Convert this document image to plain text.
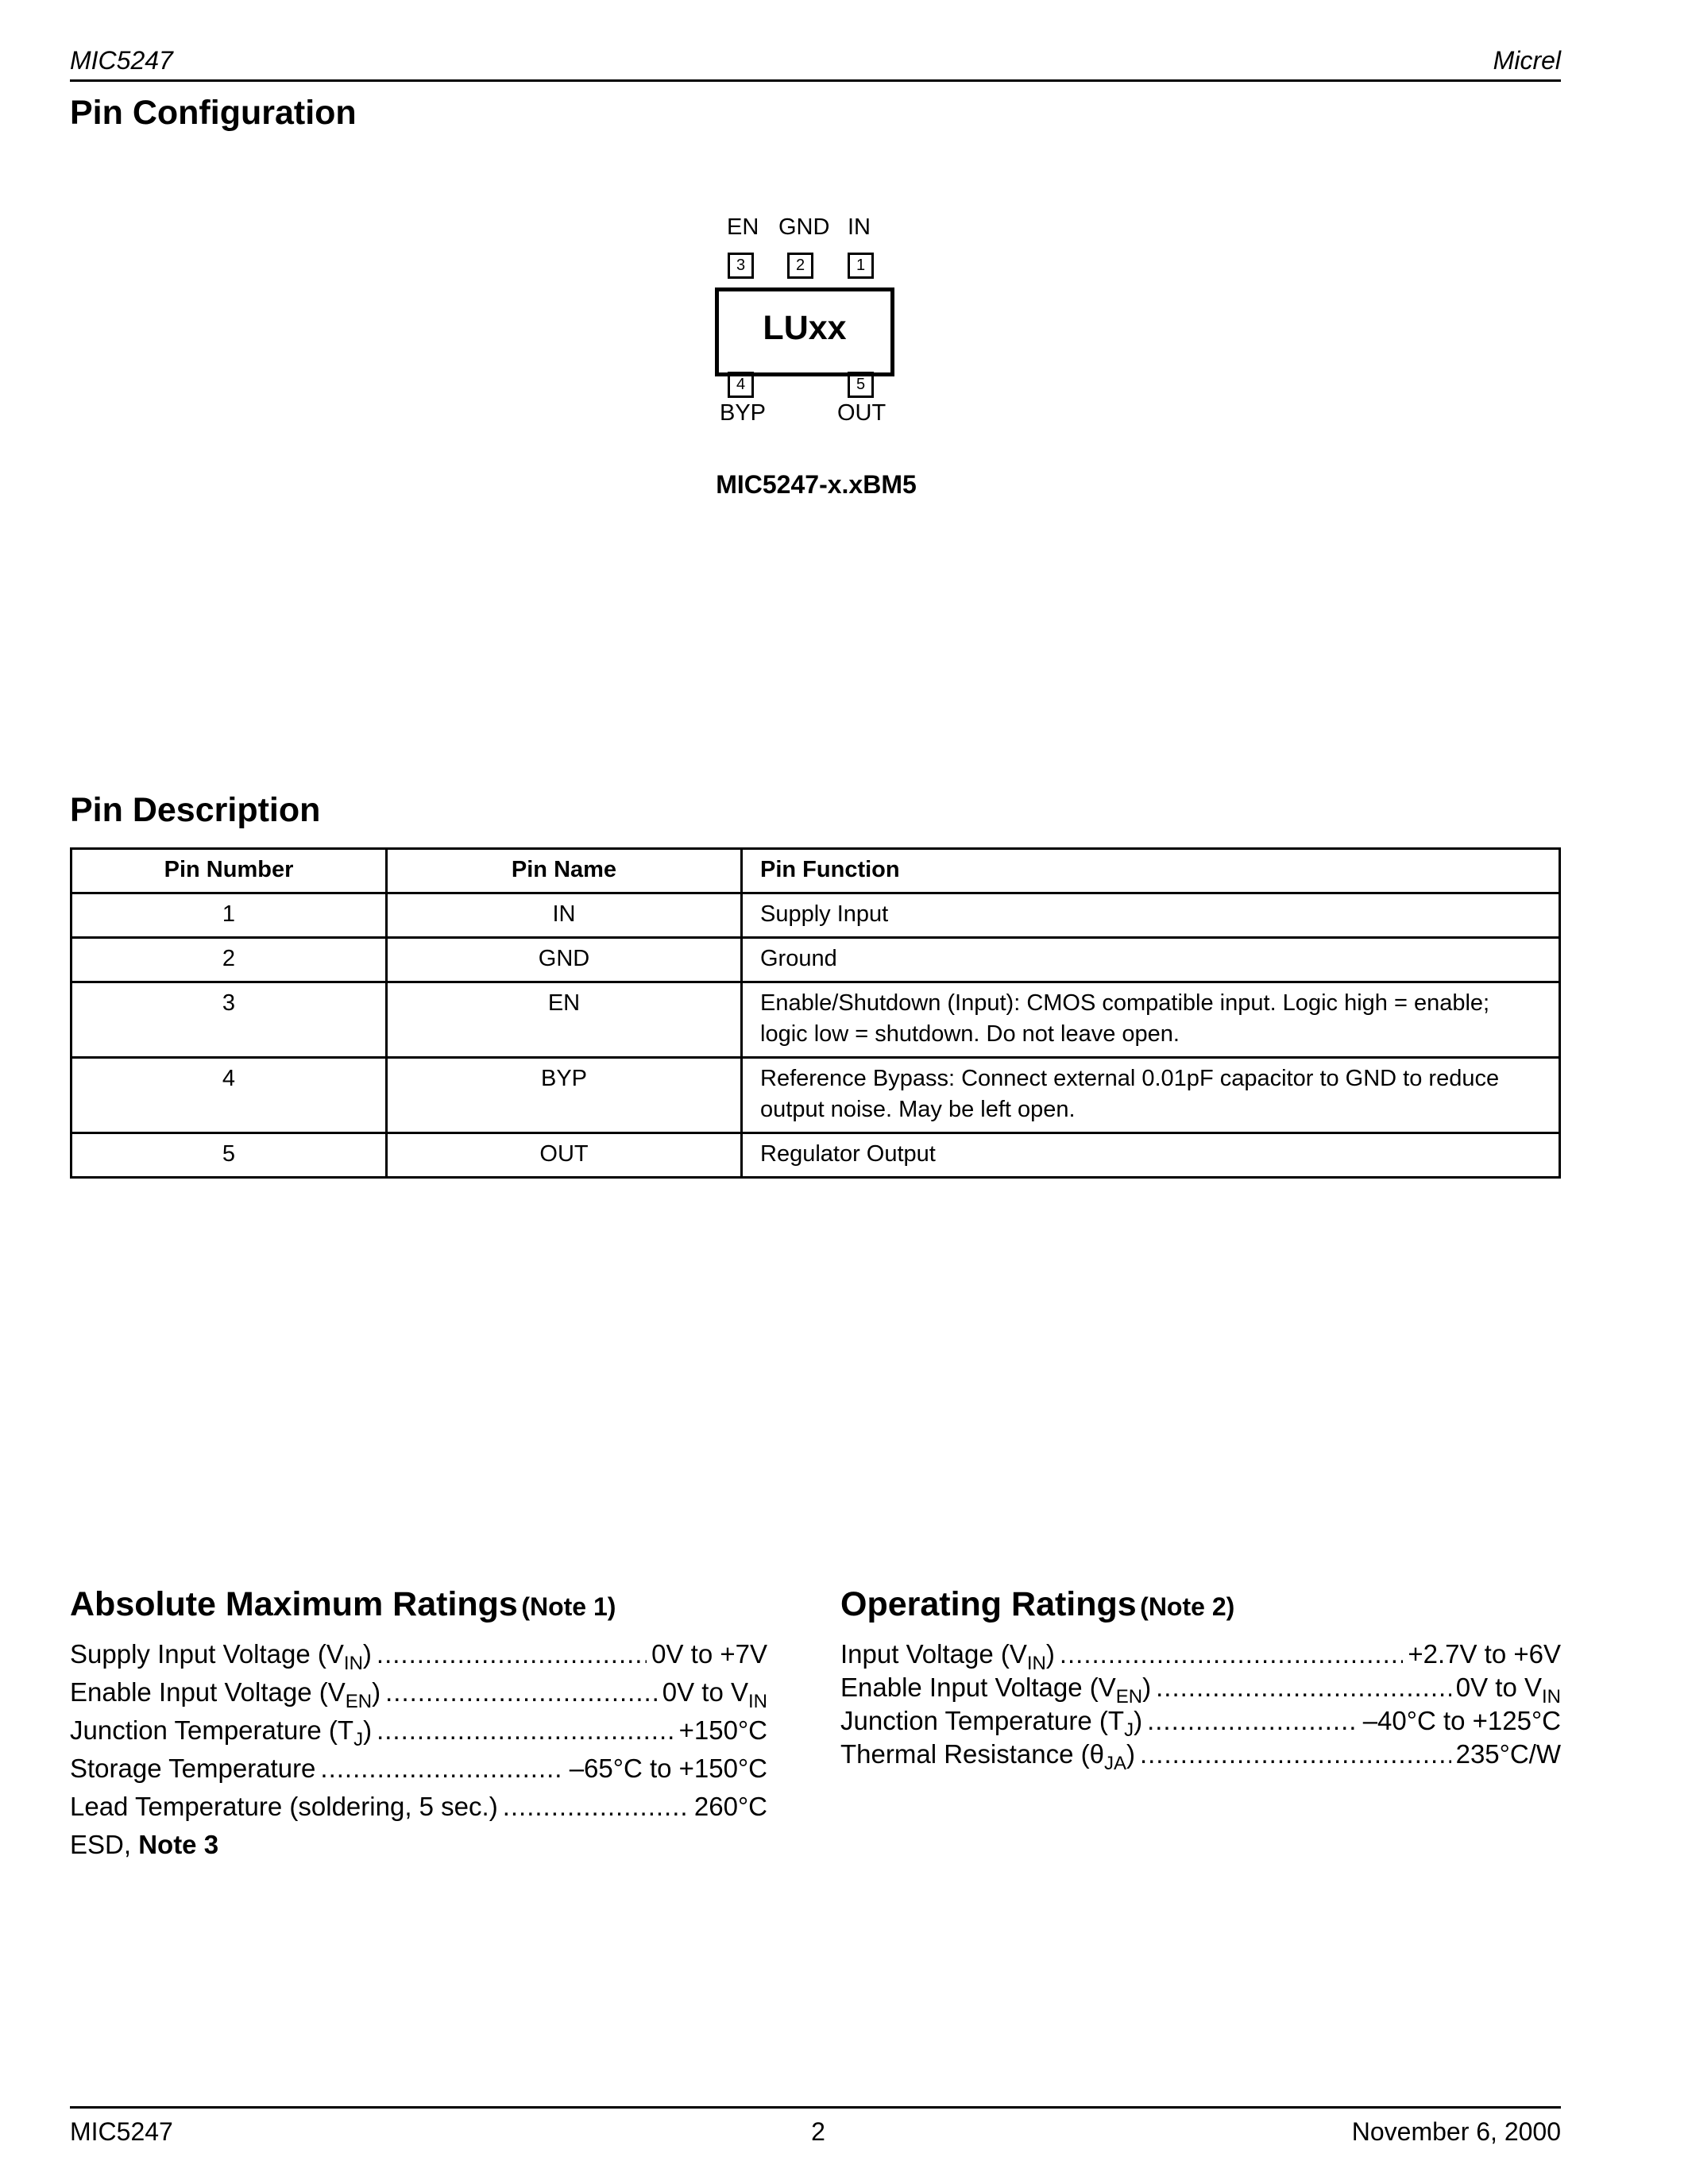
MIC5247	Micrel
Pin Configuration
EN GND IN
3	2	1
LUxx
4	5
BYP	OUT
MIC5247-x.xBM5
Pin Description
Pin Number	Pin Name	Pin Function
1	IN	Supply Input
2	GND	Ground
3	EN	Enable/Shutdown (Input): CMOS compatible input. Logic high = enable;
logic low = shutdown. Do not leave open.

4	BYP	Reference Bypass: Connect external 0.01pF capacitor to GND to reduce
output noise. May be left open.

5	OUT	Regulator Output
Absolute Maximum Ratings (Note 1)
Supply Input Voltage $(V_{IN})$ .....	0V to +7V
Enable Input Voltage $(V_{EN})$ .....	0V to $V_{IN}$
Junction Temperature $(T_J)$ .....	+150°C
Storage Temperature .....	–65°C to +150°C
Lead Temperature (soldering, 5 sec.) .....	260°C
ESD, Note 3
Operating Ratings (Note 2)
Input Voltage $(V_{IN})$ .....	+2.7V to +6V
Enable Input Voltage $(V_{EN})$ .....	0V to $V_{IN}$
Junction Temperature $(T_J)$ .....	–40°C to +125°C
Thermal Resistance $(\theta_{JA})$ .....	235°C/W
MIC5247	2	November 6, 2000
